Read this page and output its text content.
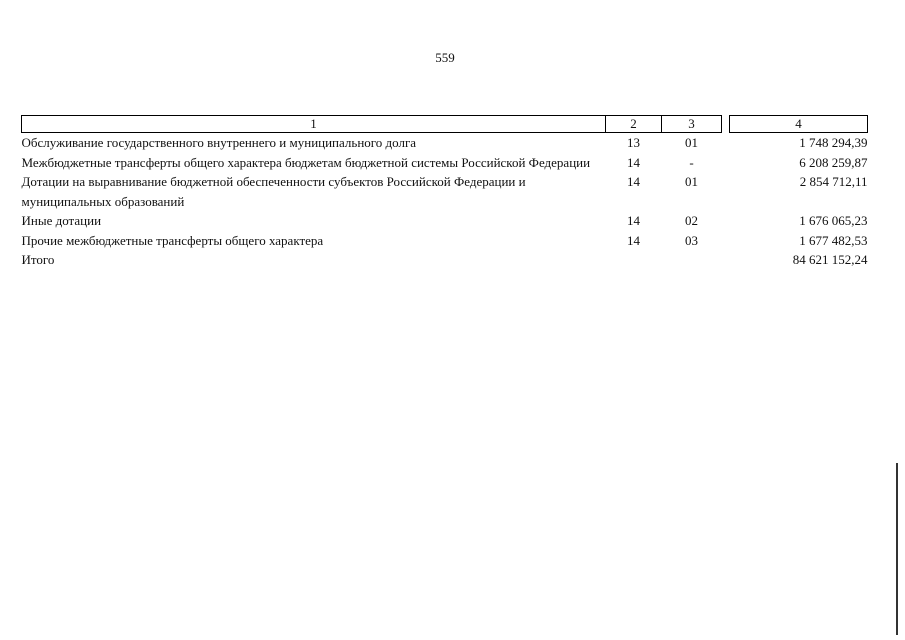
559
1	2	3		4
Обслуживание государственного внутреннего и муниципального долга	13	01		1 748 294,39
Межбюджетные трансферты общего характера бюджетам бюджетной системы Российской Федерации	14	-		6 208 259,87
Дотации на выравнивание бюджетной обеспеченности субъектов Российской Федерации и муниципальных образований	14	01		2 854 712,11
Иные дотации	14	02		1 676 065,23
Прочие межбюджетные трансферты общего характера	14	03		1 677 482,53
Итого				84 621 152,24
